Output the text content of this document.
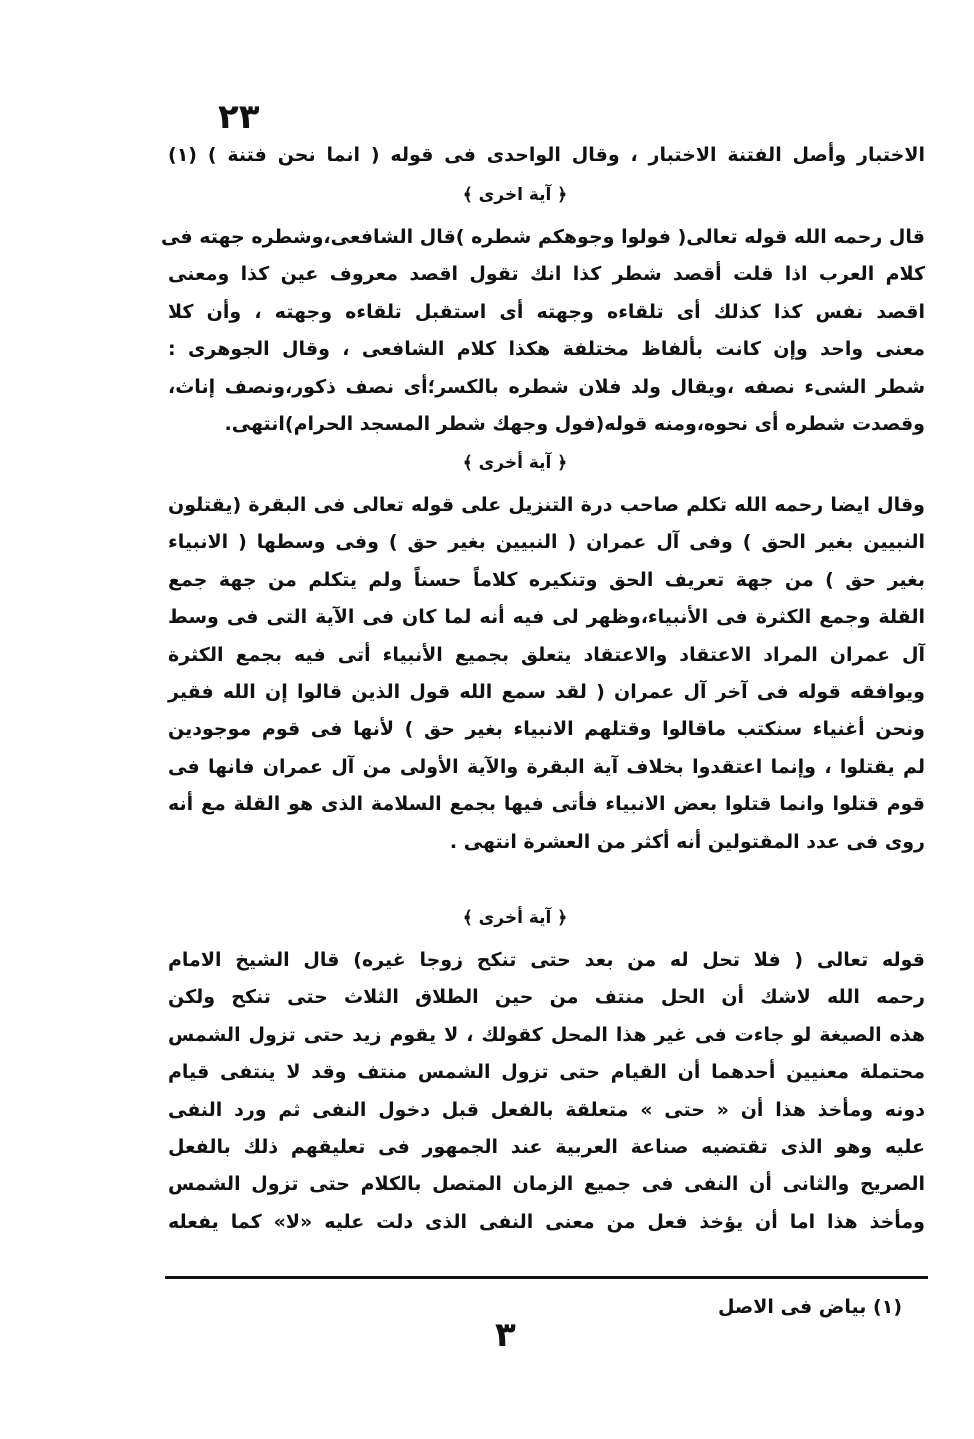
٢٣
الاختبار وأصل الفتنة الاختبار ، وقال الواحدى فى قوله ( انما نحن فتنة ) (١)
﴿ آية اخرى ﴾
قال رحمه الله قوله تعالى( فولوا وجوهكم شطره )قال الشافعى،وشطره جهته فى
كلام العرب اذا قلت أقصد شطر كذا انك تقول اقصد معروف عين كذا ومعنى
اقصد نفس كذا كذلك أى تلقاءه وجهته أى استقبل تلقاءه وجهته ، وأن كلا
معنى واحد وإن كانت بألفاظ مختلفة هكذا كلام الشافعى ، وقال الجوهرى :
شطر الشىء نصفه ،ويقال ولد فلان شطره بالكسر؛أى نصف ذكور،ونصف إناث،
وقصدت شطره أى نحوه،ومنه قوله(فول وجهك شطر المسجد الحرام)انتهى.
﴿ آية أخرى ﴾
وقال ايضا رحمه الله تكلم صاحب درة التنزيل على قوله تعالى فى البقرة (يقتلون
النبيين بغير الحق ) وفى آل عمران ( النبيين بغير حق ) وفى وسطها ( الانبياء
بغير حق ) من جهة تعريف الحق وتنكيره كلاماً حسناً ولم يتكلم من جهة جمع
القلة وجمع الكثرة فى الأنبياء،وظهر لى فيه أنه لما كان فى الآية التى فى وسط
آل عمران المراد الاعتقاد والاعتقاد يتعلق بجميع الأنبياء أتى فيه بجمع الكثرة
ويوافقه قوله فى آخر آل عمران ( لقد سمع الله قول الذين قالوا إن الله فقير
ونحن أغنياء سنكتب ماقالوا وقتلهم الانبياء بغير حق ) لأنها فى قوم موجودين
لم يقتلوا ، وإنما اعتقدوا بخلاف آية البقرة والآية الأولى من آل عمران فانها فى
قوم قتلوا وانما قتلوا بعض الانبياء فأتى فيها بجمع السلامة الذى هو القلة مع أنه
روى فى عدد المقتولين أنه أكثر من العشرة انتهى .
﴿ آية أخرى ﴾
قوله تعالى ( فلا تحل له من بعد حتى تنكح زوجا غيره) قال الشيخ الامام
رحمه الله لاشك أن الحل منتف من حين الطلاق الثلاث حتى تنكح ولكن
هذه الصيغة لو جاءت فى غير هذا المحل كقولك ، لا يقوم زيد حتى تزول الشمس
محتملة معنيين أحدهما أن القيام حتى تزول الشمس منتف وقد لا ينتفى قيام
دونه ومأخذ هذا أن « حتى » متعلقة بالفعل قبل دخول النفى ثم ورد النفى
عليه وهو الذى تقتضيه صناعة العربية عند الجمهور فى تعليقهم ذلك بالفعل
الصريح والثانى أن النفى فى جميع الزمان المتصل بالكلام حتى تزول الشمس
ومأخذ هذا اما أن يؤخذ فعل من معنى النفى الذى دلت عليه «لا» كما يفعله
(١) بياض فى الاصل
٣
